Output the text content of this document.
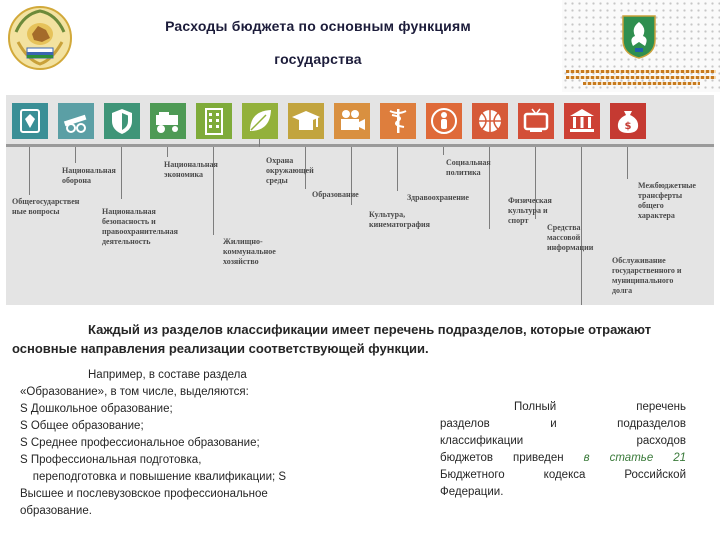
Расходы бюджета по основным функциям
государства
$
Общегосударствен
ные вопросы
Национальная
оборона
Национальная
безопасность и
правоохранительная
деятельность
Национальная
экономика
Жилищно-
коммунальное
хозяйство
Охрана
окружающей
среды
Образование
Культура,
кинематография
Здравоохранение
Социальная
политика
Физическая
культура и
спорт
Средства
массовой
информации
Обслуживание
государственного и
муниципального
долга
Межбюджетные
трансферты
общего
характера
Каждый из разделов классификации имеет перечень подразделов, которые отражают основные направления реализации соответствующей функции.
Например, в составе раздела
«Образование», в том числе, выделяются:
S Дошкольное образование;
S Общее образование;
S Среднее профессиональное образование;
S Профессиональная подготовка,
переподготовка и повышение квалификации; S
Высшее и послевузовское профессиональное
образование.
Полный перечень
разделов и подразделов
классификации расходов
бюджетов приведен в статье 21
Бюджетного кодекса Российской
Федерации.
